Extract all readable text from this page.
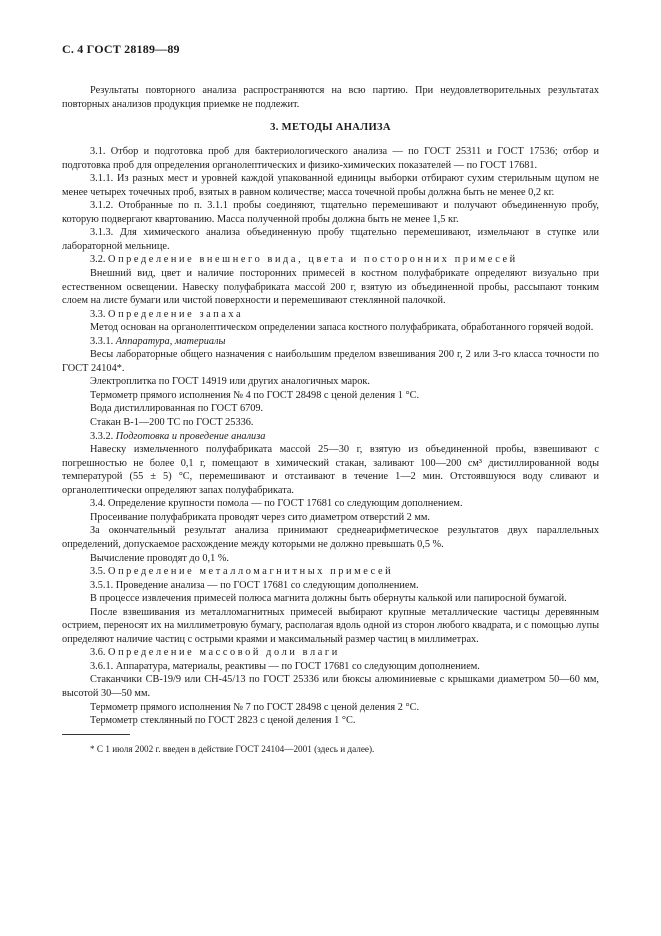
С. 4 ГОСТ 28189—89

Результаты повторного анализа распространяются на всю партию. При неудовлетворительных результатах повторных анализов продукция приемке не подлежит.

3. МЕТОДЫ АНАЛИЗА

3.1. Отбор и подготовка проб для бактериологического анализа — по ГОСТ 25311 и ГОСТ 17536; отбор и подготовка проб для определения органолептических и физико-химических показателей — по ГОСТ 17681.

3.1.1. Из разных мест и уровней каждой упакованной единицы выборки отбирают сухим стерильным щупом не менее четырех точечных проб, взятых в равном количестве; масса точечной пробы должна быть не менее 0,2 кг.

3.1.2. Отобранные по п. 3.1.1 пробы соединяют, тщательно перемешивают и получают объединенную пробу, которую подвергают квартованию. Масса полученной пробы должна быть не менее 1,5 кг.

3.1.3. Для химического анализа объединенную пробу тщательно перемешивают, измельчают в ступке или лабораторной мельнице.

3.2. Определение внешнего вида, цвета и посторонних примесей

Внешний вид, цвет и наличие посторонних примесей в костном полуфабрикате определяют визуально при естественном освещении. Навеску полуфабриката массой 200 г, взятую из объединенной пробы, рассыпают тонким слоем на листе бумаги или чистой поверхности и перемешивают стеклянной палочкой.

3.3. Определение запаха

Метод основан на органолептическом определении запаса костного полуфабриката, обработанного горячей водой.

3.3.1. Аппаратура, материалы

Весы лабораторные общего назначения с наибольшим пределом взвешивания 200 г, 2 или 3-го класса точности по ГОСТ 24104*.

Электроплитка по ГОСТ 14919 или других аналогичных марок.

Термометр прямого исполнения № 4 по ГОСТ 28498 с ценой деления 1 °С.

Вода дистиллированная по ГОСТ 6709.

Стакан В-1—200 ТС по ГОСТ 25336.

3.3.2. Подготовка и проведение анализа

Навеску измельченного полуфабриката массой 25—30 г, взятую из объединенной пробы, взвешивают с погрешностью не более 0,1 г, помещают в химический стакан, заливают 100—200 см³ дистиллированной воды температурой (55 ± 5) °С, перемешивают и отстаивают в течение 1—2 мин. Отстоявшуюся воду сливают и органолептически определяют запах полуфабриката.

3.4. Определение крупности помола — по ГОСТ 17681 со следующим дополнением.

Просеивание полуфабриката проводят через сито диаметром отверстий 2 мм.

За окончательный результат анализа принимают среднеарифметическое результатов двух параллельных определений, допускаемое расхождение между которыми не должно превышать 0,5 %.

Вычисление проводят до 0,1 %.

3.5. Определение металломагнитных примесей

3.5.1. Проведение анализа — по ГОСТ 17681 со следующим дополнением.

В процессе извлечения примесей полюса магнита должны быть обернуты калькой или папиросной бумагой.

После взвешивания из металломагнитных примесей выбирают крупные металлические частицы деревянным острием, переносят их на миллиметровую бумагу, располагая вдоль одной из сторон любого квадрата, и с помощью лупы определяют наличие частиц с острыми краями и максимальный размер частиц в миллиметрах.

3.6. Определение массовой доли влаги

3.6.1. Аппаратура, материалы, реактивы — по ГОСТ 17681 со следующим дополнением.

Стаканчики СВ-19/9 или СН-45/13 по ГОСТ 25336 или бюксы алюминиевые с крышками диаметром 50—60 мм, высотой 30—50 мм.

Термометр прямого исполнения № 7 по ГОСТ 28498 с ценой деления 2 °С.

Термометр стеклянный по ГОСТ 2823 с ценой деления 1 °С.

* С 1 июля 2002 г. введен в действие ГОСТ 24104—2001 (здесь и далее).
